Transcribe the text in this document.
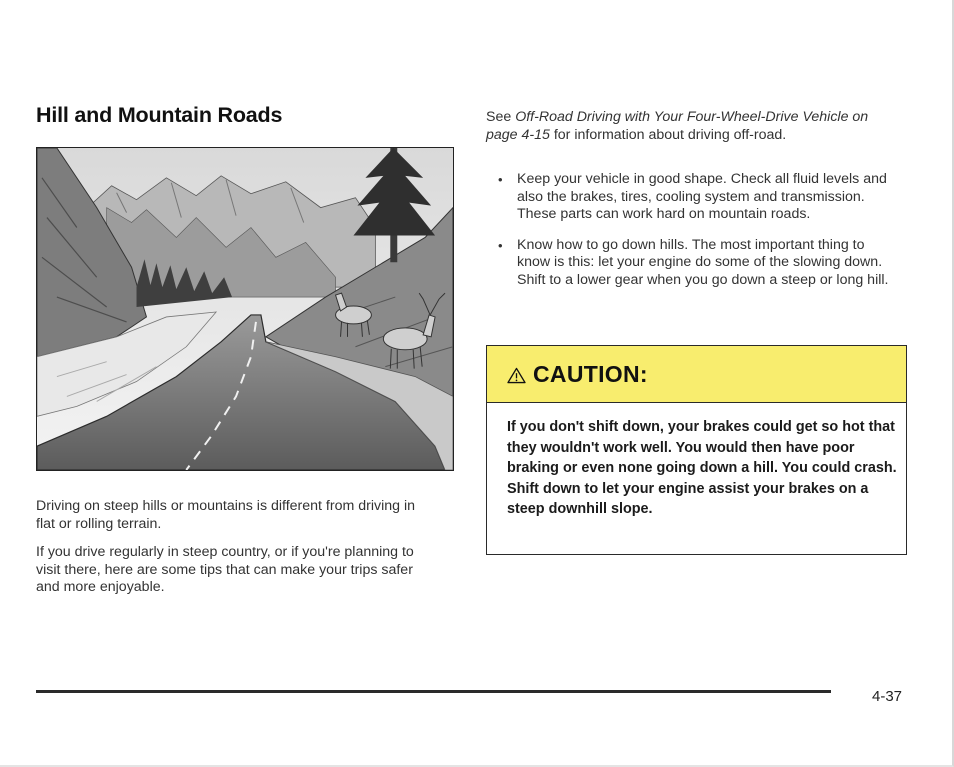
Hill and Mountain Roads
Driving on steep hills or mountains is different from driving in flat or rolling terrain.
If you drive regularly in steep country, or if you're planning to visit there, here are some tips that can make your trips safer and more enjoyable.
See Off-Road Driving with Your Four-Wheel-Drive Vehicle on page 4-15 for information about driving off-road.
• Keep your vehicle in good shape. Check all fluid levels and also the brakes, tires, cooling system and transmission. These parts can work hard on mountain roads.
• Know how to go down hills. The most important thing to know is this: let your engine do some of the slowing down. Shift to a lower gear when you go down a steep or long hill.
CAUTION:
If you don't shift down, your brakes could get so hot that they wouldn't work well. You would then have poor braking or even none going down a hill. You could crash. Shift down to let your engine assist your brakes on a steep downhill slope.
4-37
